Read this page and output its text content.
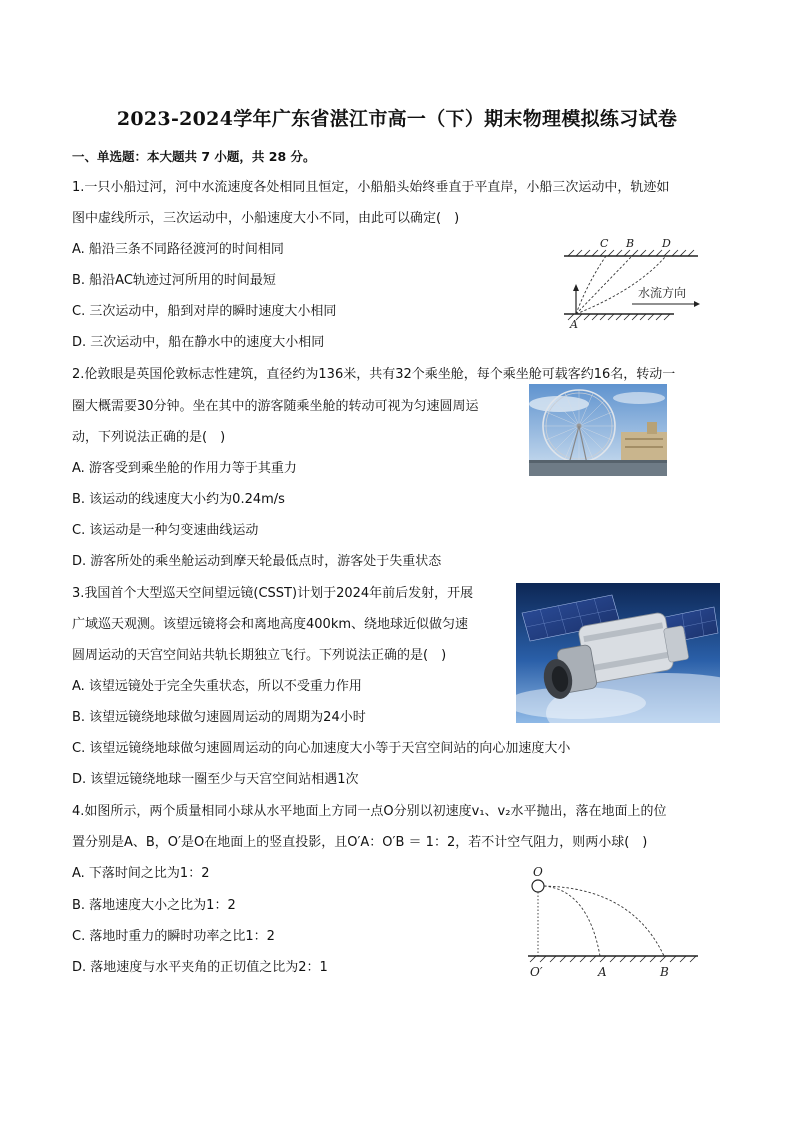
2023-2024学年广东省湛江市高一（下）期末物理模拟练习试卷
一、单选题：本大题共 7 小题，共 28 分。
1.一只小船过河，河中水流速度各处相同且恒定，小船船头始终垂直于平直岸，小船三次运动中，轨迹如
图中虚线所示，三次运动中，小船速度大小不同，由此可以确定(　)
A. 船沿三条不同路径渡河的时间相同
B. 船沿AC轨迹过河所用的时间最短
C. 三次运动中，船到对岸的瞬时速度大小相同
D. 三次运动中，船在静水中的速度大小相同
C B	D
A
水流方向
2.伦敦眼是英国伦敦标志性建筑，直径约为136米，共有32个乘坐舱，每个乘坐舱可载客约16名，转动一
圈大概需要30分钟。坐在其中的游客随乘坐舱的转动可视为匀速圆周运
动，下列说法正确的是(　)
A. 游客受到乘坐舱的作用力等于其重力
B. 该运动的线速度大小约为0.24m/s
C. 该运动是一种匀变速曲线运动
D. 游客所处的乘坐舱运动到摩天轮最低点时，游客处于失重状态
3.我国首个大型巡天空间望远镜(CSST)计划于2024年前后发射，开展
广域巡天观测。该望远镜将会和离地高度400km、绕地球近似做匀速
圆周运动的天宫空间站共轨长期独立飞行。下列说法正确的是(　)
A. 该望远镜处于完全失重状态，所以不受重力作用
B. 该望远镜绕地球做匀速圆周运动的周期为24小时
C. 该望远镜绕地球做匀速圆周运动的向心加速度大小等于天宫空间站的向心加速度大小
D. 该望远镜绕地球一圈至少与天宫空间站相遇1次
4.如图所示，两个质量相同小球从水平地面上方同一点O分别以初速度v₁、v₂水平抛出，落在地面上的位
置分别是A、B，O′是O在地面上的竖直投影，且O′A：O′B ＝ 1：2，若不计空气阻力，则两小球(　)
A. 下落时间之比为1：2
B. 落地速度大小之比为1：2
C. 落地时重力的瞬时功率之比1：2
D. 落地速度与水平夹角的正切值之比为2：1
O
O′	A	B
